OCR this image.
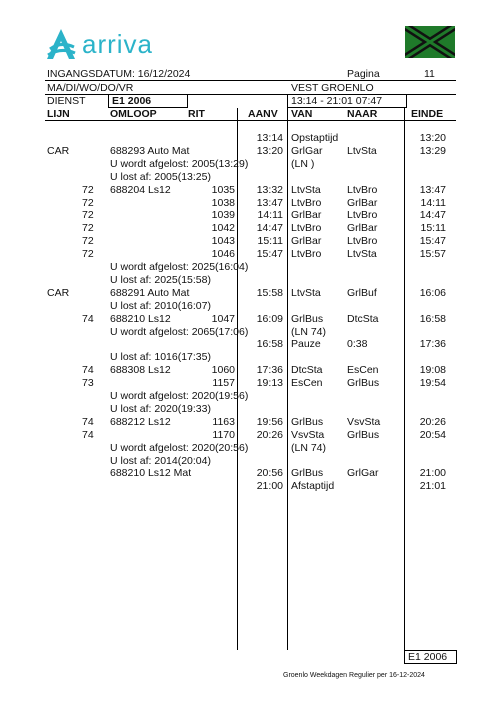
arriva
INGANGSDATUM: 16/12/2024	Pagina	11
MA/DI/WO/DO/VR	VEST GROENLO
DIENST	E1 2006	13:14 - 21:01 07:47
LIJN	OMLOOP	RIT	AANV VAN	NAAR	EINDE
13:14 Opstaptijd	13:20
CAR	688293 Auto Mat	13:20 GrlGar LtvSta	13:29
U wordt afgelost: 2005(13:29)	(LN )
U lost af: 2005(13:25)
72 688204 Ls12	1035 13:32 LtvSta LtvBro	13:47
72	1038 13:47 LtvBro GrlBar	14:11
72	1039 14:11 GrlBar LtvBro	14:47
72	1042 14:47 LtvBro GrlBar	15:11
72	1043 15:11 GrlBar LtvBro	15:47
72	1046 15:47 LtvBro LtvSta	15:57
U wordt afgelost: 2025(16:04)
U lost af: 2025(15:58)
CAR	688291 Auto Mat	15:58 LtvSta GrlBuf	16:06
U lost af: 2010(16:07)
74 688210 Ls12	1047 16:09 GrlBus DtcSta	16:58
U wordt afgelost: 2065(17:06)	(LN 74)
16:58 Pauze 0:38	17:36
U lost af: 1016(17:35)
74 688308 Ls12	1060 17:36 DtcSta EsCen	19:08
73	1157 19:13 EsCen GrlBus	19:54
U wordt afgelost: 2020(19:56)
U lost af: 2020(19:33)
74 688212 Ls12	1163 19:56 GrlBus VsvSta	20:26
74	1170 20:26 VsvSta GrlBus	20:54
U wordt afgelost: 2020(20:56)	(LN 74)
U lost af: 2014(20:04)
688210 Ls12 Mat	20:56 GrlBus GrlGar	21:00
21:00 Afstaptijd	21:01
E1 2006
Groenlo Weekdagen Regulier per 16-12-2024
